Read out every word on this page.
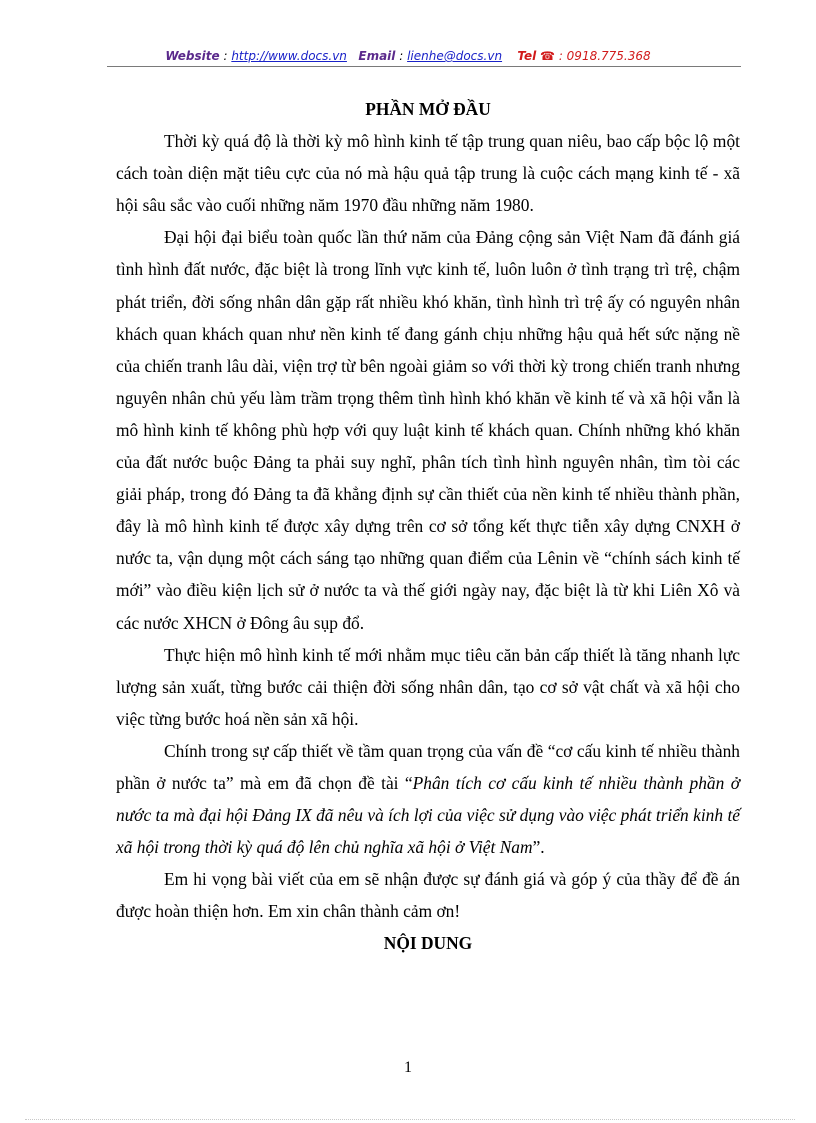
Website : http://www.docs.vn Email : lienhe@docs.vn Tel ☎ : 0918.775.368

PHẦN MỞ ĐẦU

Thời kỳ quá độ là thời kỳ mô hình kinh tế tập trung quan niêu, bao cấp bộc lộ một cách toàn diện mặt tiêu cực của nó mà hậu quả tập trung là cuộc cách mạng kinh tế - xã hội sâu sắc vào cuối những năm 1970 đầu những năm 1980.

Đại hội đại biểu toàn quốc lần thứ năm của Đảng cộng sản Việt Nam đã đánh giá tình hình đất nước, đặc biệt là trong lĩnh vực kinh tế, luôn luôn ở tình trạng trì trệ, chậm phát triển, đời sống nhân dân gặp rất nhiều khó khăn, tình hình trì trệ ấy có nguyên nhân khách quan khách quan như nền kinh tế đang gánh chịu những hậu quả hết sức nặng nề của chiến tranh lâu dài, viện trợ từ bên ngoài giảm so với thời kỳ trong chiến tranh nhưng nguyên nhân chủ yếu làm trầm trọng thêm tình hình khó khăn về kinh tế và xã hội vẫn là mô hình kinh tế không phù hợp với quy luật kinh tế khách quan. Chính những khó khăn của đất nước buộc Đảng ta phải suy nghĩ, phân tích tình hình nguyên nhân, tìm tòi các giải pháp, trong đó Đảng ta đã khẳng định sự cần thiết của nền kinh tế nhiều thành phần, đây là mô hình kinh tế được xây dựng trên cơ sở tổng kết thực tiễn xây dựng CNXH ở nước ta, vận dụng một cách sáng tạo những quan điểm của Lênin về “chính sách kinh tế mới” vào điều kiện lịch sử ở nước ta và thế giới ngày nay, đặc biệt là từ khi Liên Xô và các nước XHCN ở Đông âu sụp đổ.

Thực hiện mô hình kinh tế mới nhằm mục tiêu căn bản cấp thiết là tăng nhanh lực lượng sản xuất, từng bước cải thiện đời sống nhân dân, tạo cơ sở vật chất và xã hội cho việc từng bước hoá nền sản xã hội.

Chính trong sự cấp thiết về tầm quan trọng của vấn đề “cơ cấu kinh tế nhiều thành phần ở nước ta” mà em đã chọn đề tài “Phân tích cơ cấu kinh tế nhiều thành phần ở nước ta mà đại hội Đảng IX đã nêu và ích lợi của việc sử dụng vào việc phát triển kinh tế xã hội trong thời kỳ quá độ lên chủ nghĩa xã hội ở Việt Nam”.

Em hi vọng bài viết của em sẽ nhận được sự đánh giá và góp ý của thầy để đề án được hoàn thiện hơn. Em xin chân thành cảm ơn!

NỘI DUNG

1
